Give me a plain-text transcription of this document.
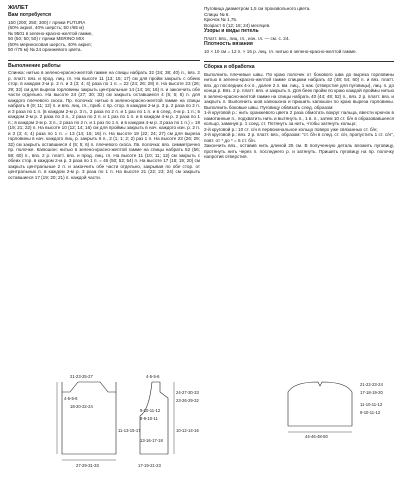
ЖИЛЕТ
Вам потребуется
150 (200; 250; 300) г пряжи FUTURA
(60% акрил, 40% шерсть; 50 г/65 м)
№ 9501 в зелено-красно-желтой гамме,
50 (50; 50; 50) г пряжи MERINO MIX
(60% мериносовая шерсть, 40% акрил;
50 г/75 м) № 24 оранжевого цвета.
Выполнение работы
Спинка: нитью в зелено-красно-желтой гамме на спицы набрать 32 (34; 38; 40) п., вяз. 2 р. платт. вяз. и прод. лиц. гл. На высоте 11 (13; 15; 17) см для пройм закрыть с обеих стор. в каждом 2-м р. 2 п. и 3 (3; 4; 4) раза по 1 п. = 22 (24; 26; 28) п. На высоте 23 (26; 29; 32) см для выреза горловины закрыть центральные 14 (14; 16; 16) п. и закончить обе части отдельно. На высоте 24 (27; 30; 33) см закрыть оставшиеся 4 (5; 5; 6) п. для каждого плечевого скоса. Пр. полочка: нитью в зелено-красно-желтой гамме на спицы набрать 8 (9; 11; 12) п. и вяз. лиц. гл., приб. с пр. стор. в каждом 2-м р. 3 р. 2 раза по 2 п. и 3 раза по 1 п. (в каждом 2-м р. 3 п., 2 раза по 2 п. и 1 раз по 1 п. и в след. 4-м р. 1 п.; в каждом 2-м р. 2 раза по 3 п., 2 раза по 2 п. и 1 раз по 1 п. и в каждом 4-м р. 2 раза по 1 п.; в каждом 2-м р. 3 п., 2 раза по 2 п. и 1 раз по 1 п. и в каждом 4-м р. 3 раза по 1 п.) = 18 (19; 21; 22) п. На высоте 10 (12; 14; 16) см для проймы закрыть в нач. каждого изн. р. 2 п. и 3 (3; 4; 4) раза по 1 п. = 13 (14; 15; 16) п. На высоте 19 (22; 24; 27) см для выреза горловины в нач. каждого лиц. р. закрыть 6 п., 2 (1; 1; 2; 2) раз 1 п. На высоте 23 (26; 29; 32) см закрыть оставшиеся 4 (5; 5; 6) п. плечевого скоса. Лв. полочка: вяз. симметрично пр. полочке. Капюшон: нитью в зелено-красно-желтой гамме на спицы набрать 52 (56; 58; 60) п., вяз. 2 р. платт. вяз. и прод. лиц. гл. На высоте 11 (10; 11; 12) см закрыть с обеих стор. в каждом 2-м р. 3 раза по 1 п. = 46 (50; 52; 54) п. На высоте 17 (18; 19; 20) см закрыть центральные 2 п. и закончить обе части отдельно, закрывая по обе стор. от центральных п. в каждом 2-м р. 3 раза по 1 п. На высоте 21 (22; 23; 24) см закрыть оставшиеся 17 (19; 20; 21) п. каждой части.
Пуговица диаметром 1,5 см произвольного цвета.
Спицы № 6.
Крючок № 1,75.
Возраст 6 (12; 18; 24) месяцев.
Узоры и виды петель
Платт. вяз., лиц. гл., изн. гл. — см. с. 24.
Плотность вязания
10 × 10 см = 12 п. × 16 р. лиц. гл. нитью в зелено-красно-желтой гамме.
Сборка и обработка
Выполнить плечевые швы. По краю полочек от бокового шва до выреза горловины нитью в зелено-красно-желтой гамме спицами набрать 42 (48; 54; 60) п. и вяз. платт. вяз. до последних 4-х п., далее 2 п. вм. лиц., 1 нак. (отверстие для пуговицы), лиц. п. до конца р. Вяз. 2 р. платт. вяз. и закрыть п. Для беек пройм по краю каждой проймы нитью в зелено-красно-желтой гамме на спицы набрать 40 (44; 48; 52) п., вяз. 2 р. платт. вяз. и закрыть п. Выполнить шов капюшона и пришить капюшон по краю выреза горловины. Выполнить боковые швы. Пуговицу обвязать след. образом:
1-й круговой р.: нить оранжевого цвета 2 раза обмотать вокруг пальца, ввести крючок в намотанные п., подхватить нить и вытянуть п., 1 в. п., затем 10 ст. б/н в образовавшееся кольцо, замкнув р. 1 соед. ст. Потянуть за нить, чтобы затянуть кольцо;
2-й круговой р.: 10 ст. с/н в первоначальное кольцо поверх уже связанных ст. б/н;
3-й круговой р.: вяз. 2 р. платт. вяз., образом: "ст. б/н в след. ст. с/н, пропустить 1 ст. с/н", повт. от * до * = 5 ст. б/н.
Закончить вяз., оставив нить длиной 25 см. В полученную деталь вложить пуговицу, протянуть нить через п. последнего р. и затянуть. Пришить пуговицу на пр. полочку напротив отверстия.
21-23-25-27
4-5-5-6
18-20-22-24
11-13-15-17
27-29-31-33
4-5-5-6
24-27-30-33
23-26-29-32
10-12-14-16
17-19-21-23
9-10-11-12
8-9-10-11
13-16-17-18
21-22-23-24
17-18-19-20
11-10-11-12
9-10-11-12
44-46-48-50
